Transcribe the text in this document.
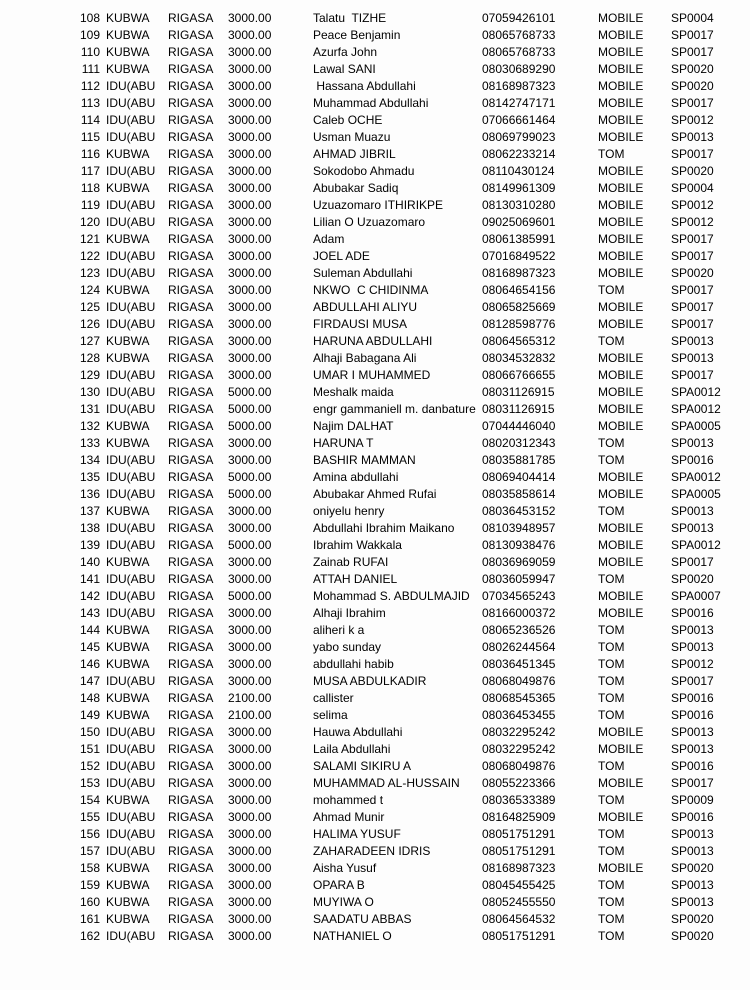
108 KUBWA	RIGASA	3000.00	Talatu  TIZHE	07059426101	MOBILE	SP0004
109 KUBWA	RIGASA	3000.00	Peace Benjamin	08065768733	MOBILE	SP0017
110 KUBWA	RIGASA	3000.00	Azurfa John	08065768733	MOBILE	SP0017
111 KUBWA	RIGASA	3000.00	Lawal SANI	08030689290	MOBILE	SP0020
112 IDU(ABU	RIGASA	3000.00	Hassana Abdullahi	08168987323	MOBILE	SP0020
113 IDU(ABU	RIGASA	3000.00	Muhammad Abdullahi	08142747171	MOBILE	SP0017
114 IDU(ABU	RIGASA	3000.00	Caleb OCHE	07066661464	MOBILE	SP0012
115 IDU(ABU	RIGASA	3000.00	Usman Muazu	08069799023	MOBILE	SP0013
116 KUBWA	RIGASA	3000.00	AHMAD JIBRIL	08062233214	TOM	SP0017
117 IDU(ABU	RIGASA	3000.00	Sokodobo Ahmadu	08110430124	MOBILE	SP0020
118 KUBWA	RIGASA	3000.00	Abubakar Sadiq	08149961309	MOBILE	SP0004
119 IDU(ABU	RIGASA	3000.00	Uzuazomaro ITHIRIKPE	08130310280	MOBILE	SP0012
120 IDU(ABU	RIGASA	3000.00	Lilian O Uzuazomaro	09025069601	MOBILE	SP0012
121 KUBWA	RIGASA	3000.00	Adam	08061385991	MOBILE	SP0017
122 IDU(ABU	RIGASA	3000.00	JOEL ADE	07016849522	MOBILE	SP0017
123 IDU(ABU	RIGASA	3000.00	Suleman Abdullahi	08168987323	MOBILE	SP0020
124 KUBWA	RIGASA	3000.00	NKWO  C CHIDINMA	08064654156	TOM	SP0017
125 IDU(ABU	RIGASA	3000.00	ABDULLAHI ALIYU	08065825669	MOBILE	SP0017
126 IDU(ABU	RIGASA	3000.00	FIRDAUSI MUSA	08128598776	MOBILE	SP0017
127 KUBWA	RIGASA	3000.00	HARUNA ABDULLAHI	08064565312	TOM	SP0013
128 KUBWA	RIGASA	3000.00	Alhaji Babagana Ali	08034532832	MOBILE	SP0013
129 IDU(ABU	RIGASA	3000.00	UMAR I MUHAMMED	08066766655	MOBILE	SP0017
130 IDU(ABU	RIGASA	5000.00	Meshalk maida	08031126915	MOBILE	SPA0012
131 IDU(ABU	RIGASA	5000.00	engr gammaniell m. danbature 08031126915	MOBILE	SPA0012
132 KUBWA	RIGASA	5000.00	Najim DALHAT	07044446040	MOBILE	SPA0005
133 KUBWA	RIGASA	3000.00	HARUNA T	08020312343	TOM	SP0013
134 IDU(ABU	RIGASA	3000.00	BASHIR MAMMAN	08035881785	TOM	SP0016
135 IDU(ABU	RIGASA	5000.00	Amina abdullahi	08069404414	MOBILE	SPA0012
136 IDU(ABU	RIGASA	5000.00	Abubakar Ahmed Rufai	08035858614	MOBILE	SPA0005
137 KUBWA	RIGASA	3000.00	oniyelu henry	08036453152	TOM	SP0013
138 IDU(ABU	RIGASA	3000.00	Abdullahi Ibrahim Maikano	08103948957	MOBILE	SP0013
139 IDU(ABU	RIGASA	5000.00	Ibrahim Wakkala	08130938476	MOBILE	SPA0012
140 KUBWA	RIGASA	3000.00	Zainab RUFAI	08036969059	MOBILE	SP0017
141 IDU(ABU	RIGASA	3000.00	ATTAH DANIEL	08036059947	TOM	SP0020
142 IDU(ABU	RIGASA	5000.00	Mohammad S. ABDULMAJID	07034565243	MOBILE	SPA0007
143 IDU(ABU	RIGASA	3000.00	Alhaji Ibrahim	08166000372	MOBILE	SP0016
144 KUBWA	RIGASA	3000.00	aliheri k a	08065236526	TOM	SP0013
145 KUBWA	RIGASA	3000.00	yabo sunday	08026244564	TOM	SP0013
146 KUBWA	RIGASA	3000.00	abdullahi habib	08036451345	TOM	SP0012
147 IDU(ABU	RIGASA	3000.00	MUSA ABDULKADIR	08068049876	TOM	SP0017
148 KUBWA	RIGASA	2100.00	callister	08068545365	TOM	SP0016
149 KUBWA	RIGASA	2100.00	selima	08036453455	TOM	SP0016
150 IDU(ABU	RIGASA	3000.00	Hauwa Abdullahi	08032295242	MOBILE	SP0013
151 IDU(ABU	RIGASA	3000.00	Laila Abdullahi	08032295242	MOBILE	SP0013
152 IDU(ABU	RIGASA	3000.00	SALAMI SIKIRU A	08068049876	TOM	SP0016
153 IDU(ABU	RIGASA	3000.00	MUHAMMAD AL-HUSSAIN	08055223366	MOBILE	SP0017
154 KUBWA	RIGASA	3000.00	mohammed t	08036533389	TOM	SP0009
155 IDU(ABU	RIGASA	3000.00	Ahmad Munir	08164825909	MOBILE	SP0016
156 IDU(ABU	RIGASA	3000.00	HALIMA YUSUF	08051751291	TOM	SP0013
157 IDU(ABU	RIGASA	3000.00	ZAHARADEEN IDRIS	08051751291	TOM	SP0013
158 KUBWA	RIGASA	3000.00	Aisha Yusuf	08168987323	MOBILE	SP0020
159 KUBWA	RIGASA	3000.00	OPARA B	08045455425	TOM	SP0013
160 KUBWA	RIGASA	3000.00	MUYIWA O	08052455550	TOM	SP0013
161 KUBWA	RIGASA	3000.00	SAADATU ABBAS	08064564532	TOM	SP0020
162 IDU(ABU	RIGASA	3000.00	NATHANIEL O	08051751291	TOM	SP0020
